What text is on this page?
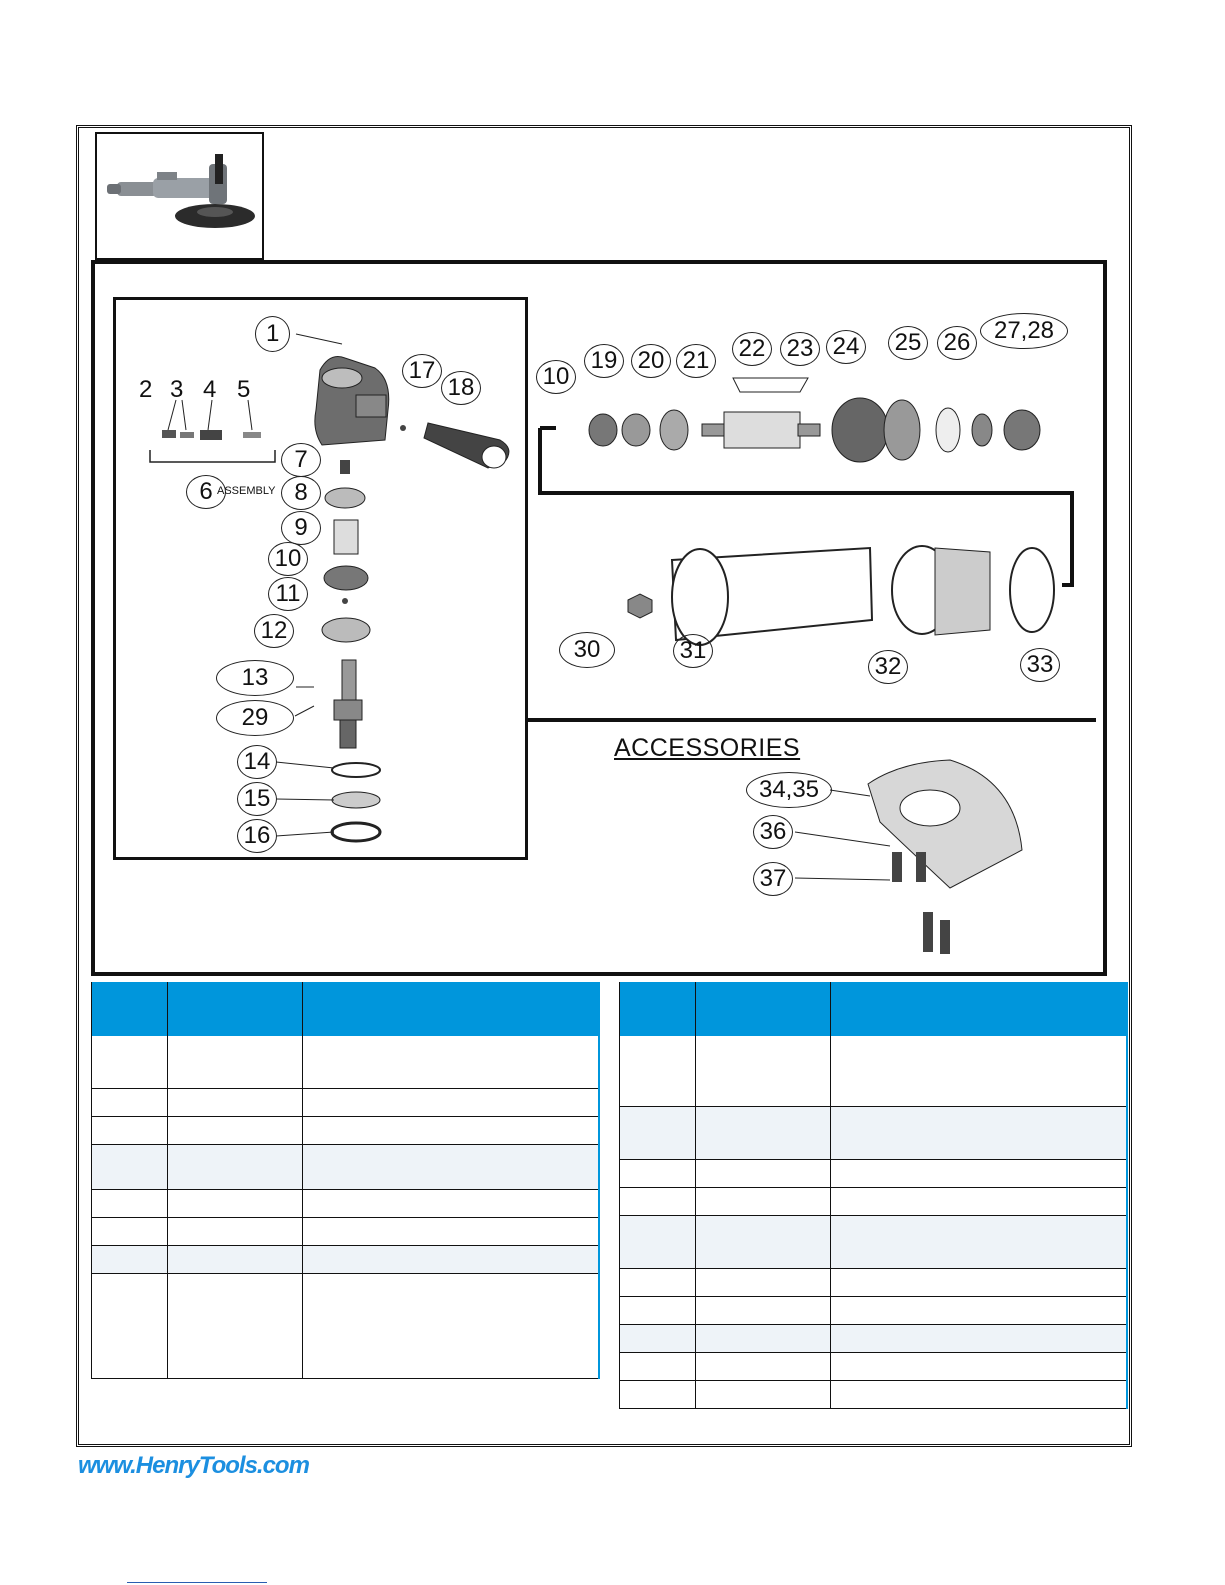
1
2 3 4 5
6 ASSEMBLY
7
8
9
10
11
12
13
29
14
15
16
17
18	10
19 20 21 22 23 24 25 26 27,28
30	31
32	33
ACCESSORIES
34,35
36
37

www.HenryTools.com
